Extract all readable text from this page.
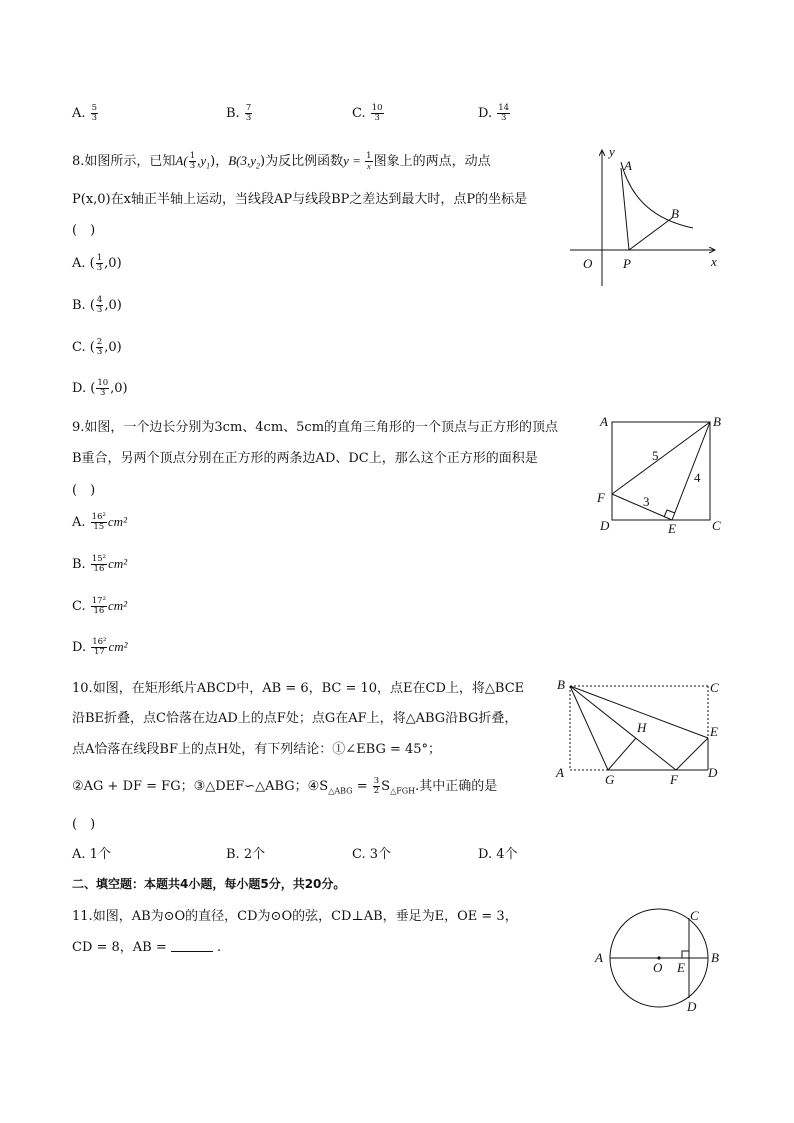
A. $\frac{5}{3}$	B. $\frac{7}{3}$	C. $\frac{10}{3}$	D. $\frac{14}{3}$
8.如图所示，已知$A( \frac{1}{3} ,y_1)$，$B(3,y_2)$为反比例函数$y = \frac{1}{x}$ 图象上的两点，动点
P(x,0)在x轴正半轴上运动，当线段AP与线段BP之差达到最大时，点P的坐标是
(　)
A. ( $\frac{1}{3} ,0$)
B. ( $\frac{4}{3} ,0$)
C. ( $\frac{2}{3} ,0$)
D. ( $\frac{10}{3} ,0$)
y
A
B
O P	x
9.如图，一个边长分别为3cm、4cm、5cm的直角三角形的一个顶点与正方形的顶点
B重合，另两个顶点分别在正方形的两条边AD、DC上，那么这个正方形的面积是
(　)
A. $\frac{\text{16²}}{15} cm^2$
B. $\frac{\text{15²}}{16} cm^2$
C. $\frac{\text{17²}}{16} cm^2$
D. $\frac{\text{16²}}{17} cm^2$
A	B
C
D	E
F
5
4
3
10.如图，在矩形纸片ABCD中，AB = 6，BC = 10，点E在CD上，将△BCE
沿BE折叠，点C恰落在边AD上的点F处；点G在AF上，将△ABG沿BG折叠，
点A恰落在线段BF上的点H处，有下列结论：①∠EBG = 45°；
②AG + DF = FG；③△DEF∽△ABG；$④S_{\triangle ABG} = \frac{3}{2} S_{\triangle FGH}$.其中正确的是
(　)
A. 1个	B. 2个	C. 3个	D. 4个
B	C
E
D
A	G	F
H
二、填空题：本题共4小题，每小题5分，共20分。
11.如图，AB为⊙O的直径，CD为⊙O的弦，CD⊥AB，垂足为E，OE = 3，
CD = 8，AB =	.
A	B
C
D
E
O
